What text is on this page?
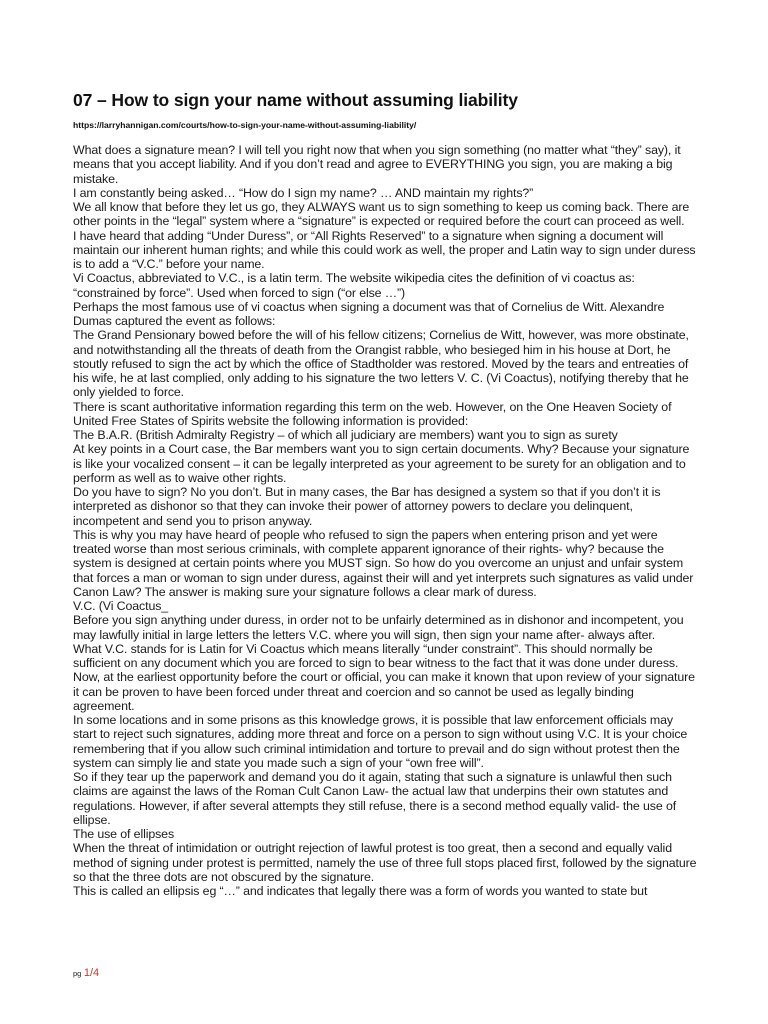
07 – How to sign your name without assuming liability
https://larryhannigan.com/courts/how-to-sign-your-name-without-assuming-liability/

What does a signature mean? I will tell you right now that when you sign something (no matter what “they” say), it means that you accept liability. And if you don’t read and agree to EVERYTHING you sign, you are making a big mistake.

I am constantly being asked… “How do I sign my name? … AND maintain my rights?”

We all know that before they let us go, they ALWAYS want us to sign something to keep us coming back. There are other points in the “legal” system where a “signature” is expected or required before the court can proceed as well.

I have heard that adding “Under Duress”, or “All Rights Reserved” to a signature when signing a document will maintain our inherent human rights; and while this could work as well, the proper and Latin way to sign under duress is to add a “V.C.” before your name.

Vi Coactus, abbreviated to V.C., is a latin term. The website wikipedia cites the definition of vi coactus as: “constrained by force”. Used when forced to sign (“or else …”)

Perhaps the most famous use of vi coactus when signing a document was that of Cornelius de Witt. Alexandre Dumas captured the event as follows:

The Grand Pensionary bowed before the will of his fellow citizens; Cornelius de Witt, however, was more obstinate, and notwithstanding all the threats of death from the Orangist rabble, who besieged him in his house at Dort, he stoutly refused to sign the act by which the office of Stadtholder was restored. Moved by the tears and entreaties of his wife, he at last complied, only adding to his signature the two letters V. C. (Vi Coactus), notifying thereby that he only yielded to force.

There is scant authoritative information regarding this term on the web. However, on the One Heaven Society of United Free States of Spirits website the following information is provided:

The B.A.R. (British Admiralty Registry – of which all judiciary are members) want you to sign as surety

At key points in a Court case, the Bar members want you to sign certain documents. Why? Because your signature is like your vocalized consent – it can be legally interpreted as your agreement to be surety for an obligation and to perform as well as to waive other rights.

Do you have to sign? No you don’t. But in many cases, the Bar has designed a system so that if you don’t it is interpreted as dishonor so that they can invoke their power of attorney powers to declare you delinquent, incompetent and send you to prison anyway.

This is why you may have heard of people who refused to sign the papers when entering prison and yet were treated worse than most serious criminals, with complete apparent ignorance of their rights- why? because the system is designed at certain points where you MUST sign. So how do you overcome an unjust and unfair system that forces a man or woman to sign under duress, against their will and yet interprets such signatures as valid under Canon Law? The answer is making sure your signature follows a clear mark of duress.

V.C. (Vi Coactus_

Before you sign anything under duress, in order not to be unfairly determined as in dishonor and incompetent, you may lawfully initial in large letters the letters V.C. where you will sign, then sign your name after- always after.

What V.C. stands for is Latin for Vi Coactus which means literally “under constraint”. This should normally be sufficient on any document which you are forced to sign to bear witness to the fact that it was done under duress.

Now, at the earliest opportunity before the court or official, you can make it known that upon review of your signature it can be proven to have been forced under threat and coercion and so cannot be used as legally binding agreement.

In some locations and in some prisons as this knowledge grows, it is possible that law enforcement officials may start to reject such signatures, adding more threat and force on a person to sign without using V.C. It is your choice remembering that if you allow such criminal intimidation and torture to prevail and do sign without protest then the system can simply lie and state you made such a sign of your “own free will”.

So if they tear up the paperwork and demand you do it again, stating that such a signature is unlawful then such claims are against the laws of the Roman Cult Canon Law- the actual law that underpins their own statutes and regulations. However, if after several attempts they still refuse, there is a second method equally valid- the use of ellipse.

The use of ellipses

When the threat of intimidation or outright rejection of lawful protest is too great, then a second and equally valid method of signing under protest is permitted, namely the use of three full stops placed first, followed by the signature so that the three dots are not obscured by the signature.

This is called an ellipsis eg “…” and indicates that legally there was a form of words you wanted to state but

pg 1/4
